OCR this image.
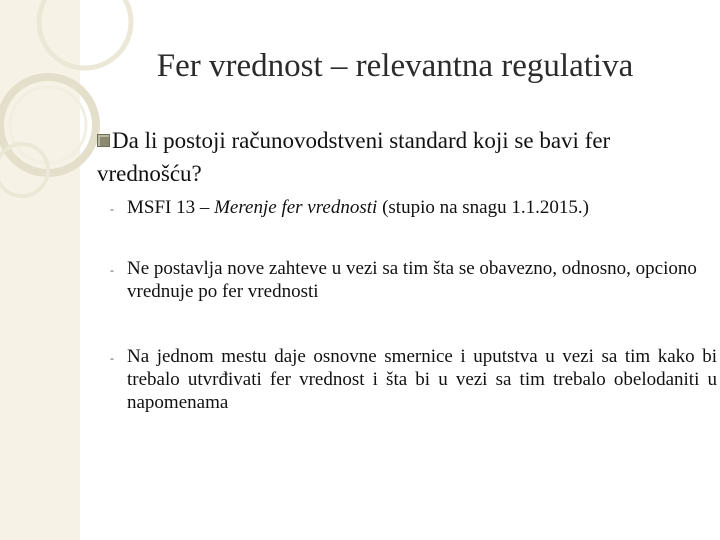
Fer vrednost – relevantna regulativa
Da li postoji računovodstveni standard koji se bavi fer vrednošću?
- MSFI 13 – Merenje fer vrednosti (stupio na snagu 1.1.2015.)
- Ne postavlja nove zahteve u vezi sa tim šta se obavezno, odnosno, opciono vrednuje po fer vrednosti
- Na jednom mestu daje osnovne smernice i uputstva u vezi sa tim kako bi trebalo utvrđivati fer vrednost i šta bi u vezi sa tim trebalo obelodaniti u napomenama
